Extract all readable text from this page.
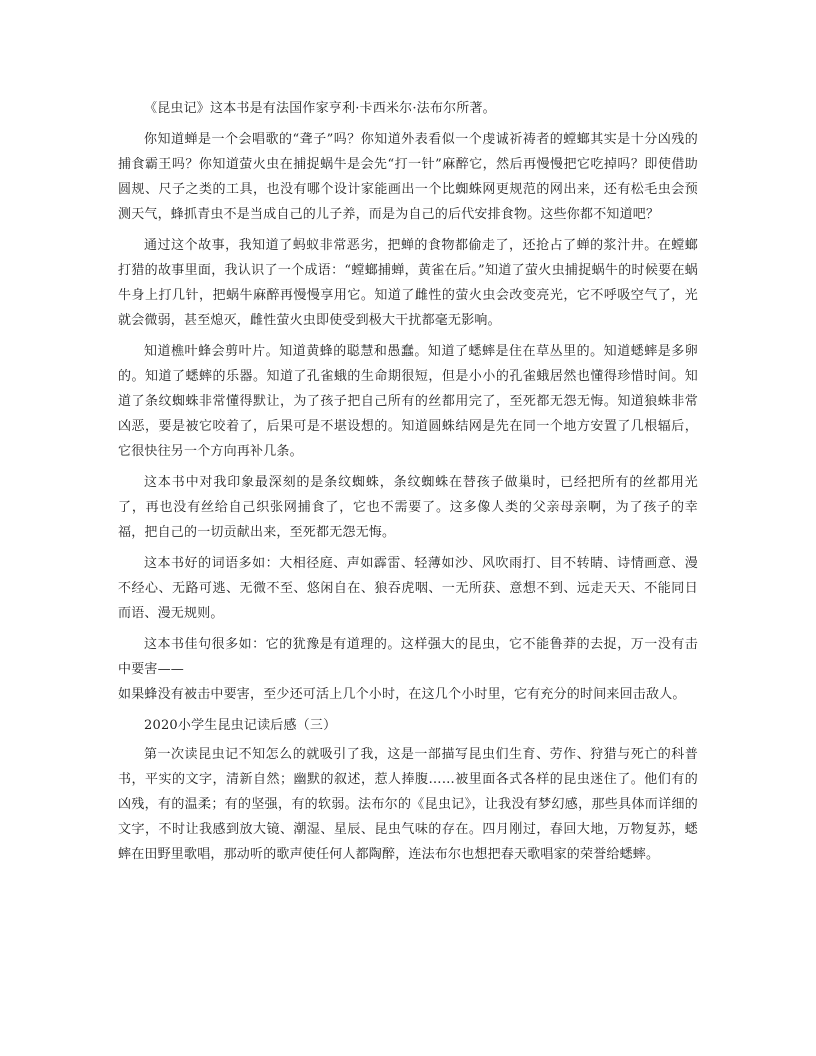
《昆虫记》这本书是有法国作家亨利·卡西米尔·法布尔所著。

你知道蝉是一个会唱歌的“聋子”吗？你知道外表看似一个虔诚祈祷者的螳螂其实是十分凶残的捕食霸王吗？你知道萤火虫在捕捉蜗牛是会先“打一针”麻醉它，然后再慢慢把它吃掉吗？即使借助圆规、尺子之类的工具，也没有哪个设计家能画出一个比蜘蛛网更规范的网出来，还有松毛虫会预测天气，蜂抓青虫不是当成自己的儿子养，而是为自己的后代安排食物。这些你都不知道吧？

通过这个故事，我知道了蚂蚁非常恶劣，把蝉的食物都偷走了，还抢占了蝉的浆汁井。在螳螂打猎的故事里面，我认识了一个成语：“螳螂捕蝉，黄雀在后。”知道了萤火虫捕捉蜗牛的时候要在蜗牛身上打几针，把蜗牛麻醉再慢慢享用它。知道了雌性的萤火虫会改变亮光，它不呼吸空气了，光就会微弱，甚至熄灭，雌性萤火虫即使受到极大干扰都毫无影响。

知道樵叶蜂会剪叶片。知道黄蜂的聪慧和愚蠢。知道了蟋蟀是住在草丛里的。知道蟋蟀是多卵的。知道了蟋蟀的乐器。知道了孔雀蛾的生命期很短，但是小小的孔雀蛾居然也懂得珍惜时间。知道了条纹蜘蛛非常懂得默让，为了孩子把自己所有的丝都用完了，至死都无怨无悔。知道狼蛛非常凶恶，要是被它咬着了，后果可是不堪设想的。知道圆蛛结网是先在同一个地方安置了几根辐后，它很快往另一个方向再补几条。

这本书中对我印象最深刻的是条纹蜘蛛，条纹蜘蛛在替孩子做巢时，已经把所有的丝都用光了，再也没有丝给自己织张网捕食了，它也不需要了。这多像人类的父亲母亲啊，为了孩子的幸福，把自己的一切贡献出来，至死都无怨无悔。

这本书好的词语多如：大相径庭、声如霹雷、轻薄如沙、风吹雨打、目不转睛、诗情画意、漫不经心、无路可逃、无微不至、悠闲自在、狼吞虎咽、一无所获、意想不到、远走天天、不能同日而语、漫无规则。

这本书佳句很多如：它的犹豫是有道理的。这样强大的昆虫，它不能鲁莽的去捉，万一没有击中要害——

如果蜂没有被击中要害，至少还可活上几个小时，在这几个小时里，它有充分的时间来回击敌人。

2020小学生昆虫记读后感（三）

第一次读昆虫记不知怎么的就吸引了我，这是一部描写昆虫们生育、劳作、狩猎与死亡的科普书，平实的文字，清新自然；幽默的叙述，惹人捧腹……被里面各式各样的昆虫迷住了。他们有的凶残，有的温柔；有的坚强，有的软弱。法布尔的《昆虫记》，让我没有梦幻感，那些具体而详细的文字，不时让我感到放大镜、潮湿、星辰、昆虫气味的存在。四月刚过，春回大地，万物复苏，蟋蟀在田野里歌唱，那动听的歌声使任何人都陶醉，连法布尔也想把春天歌唱家的荣誉给蟋蟀。
